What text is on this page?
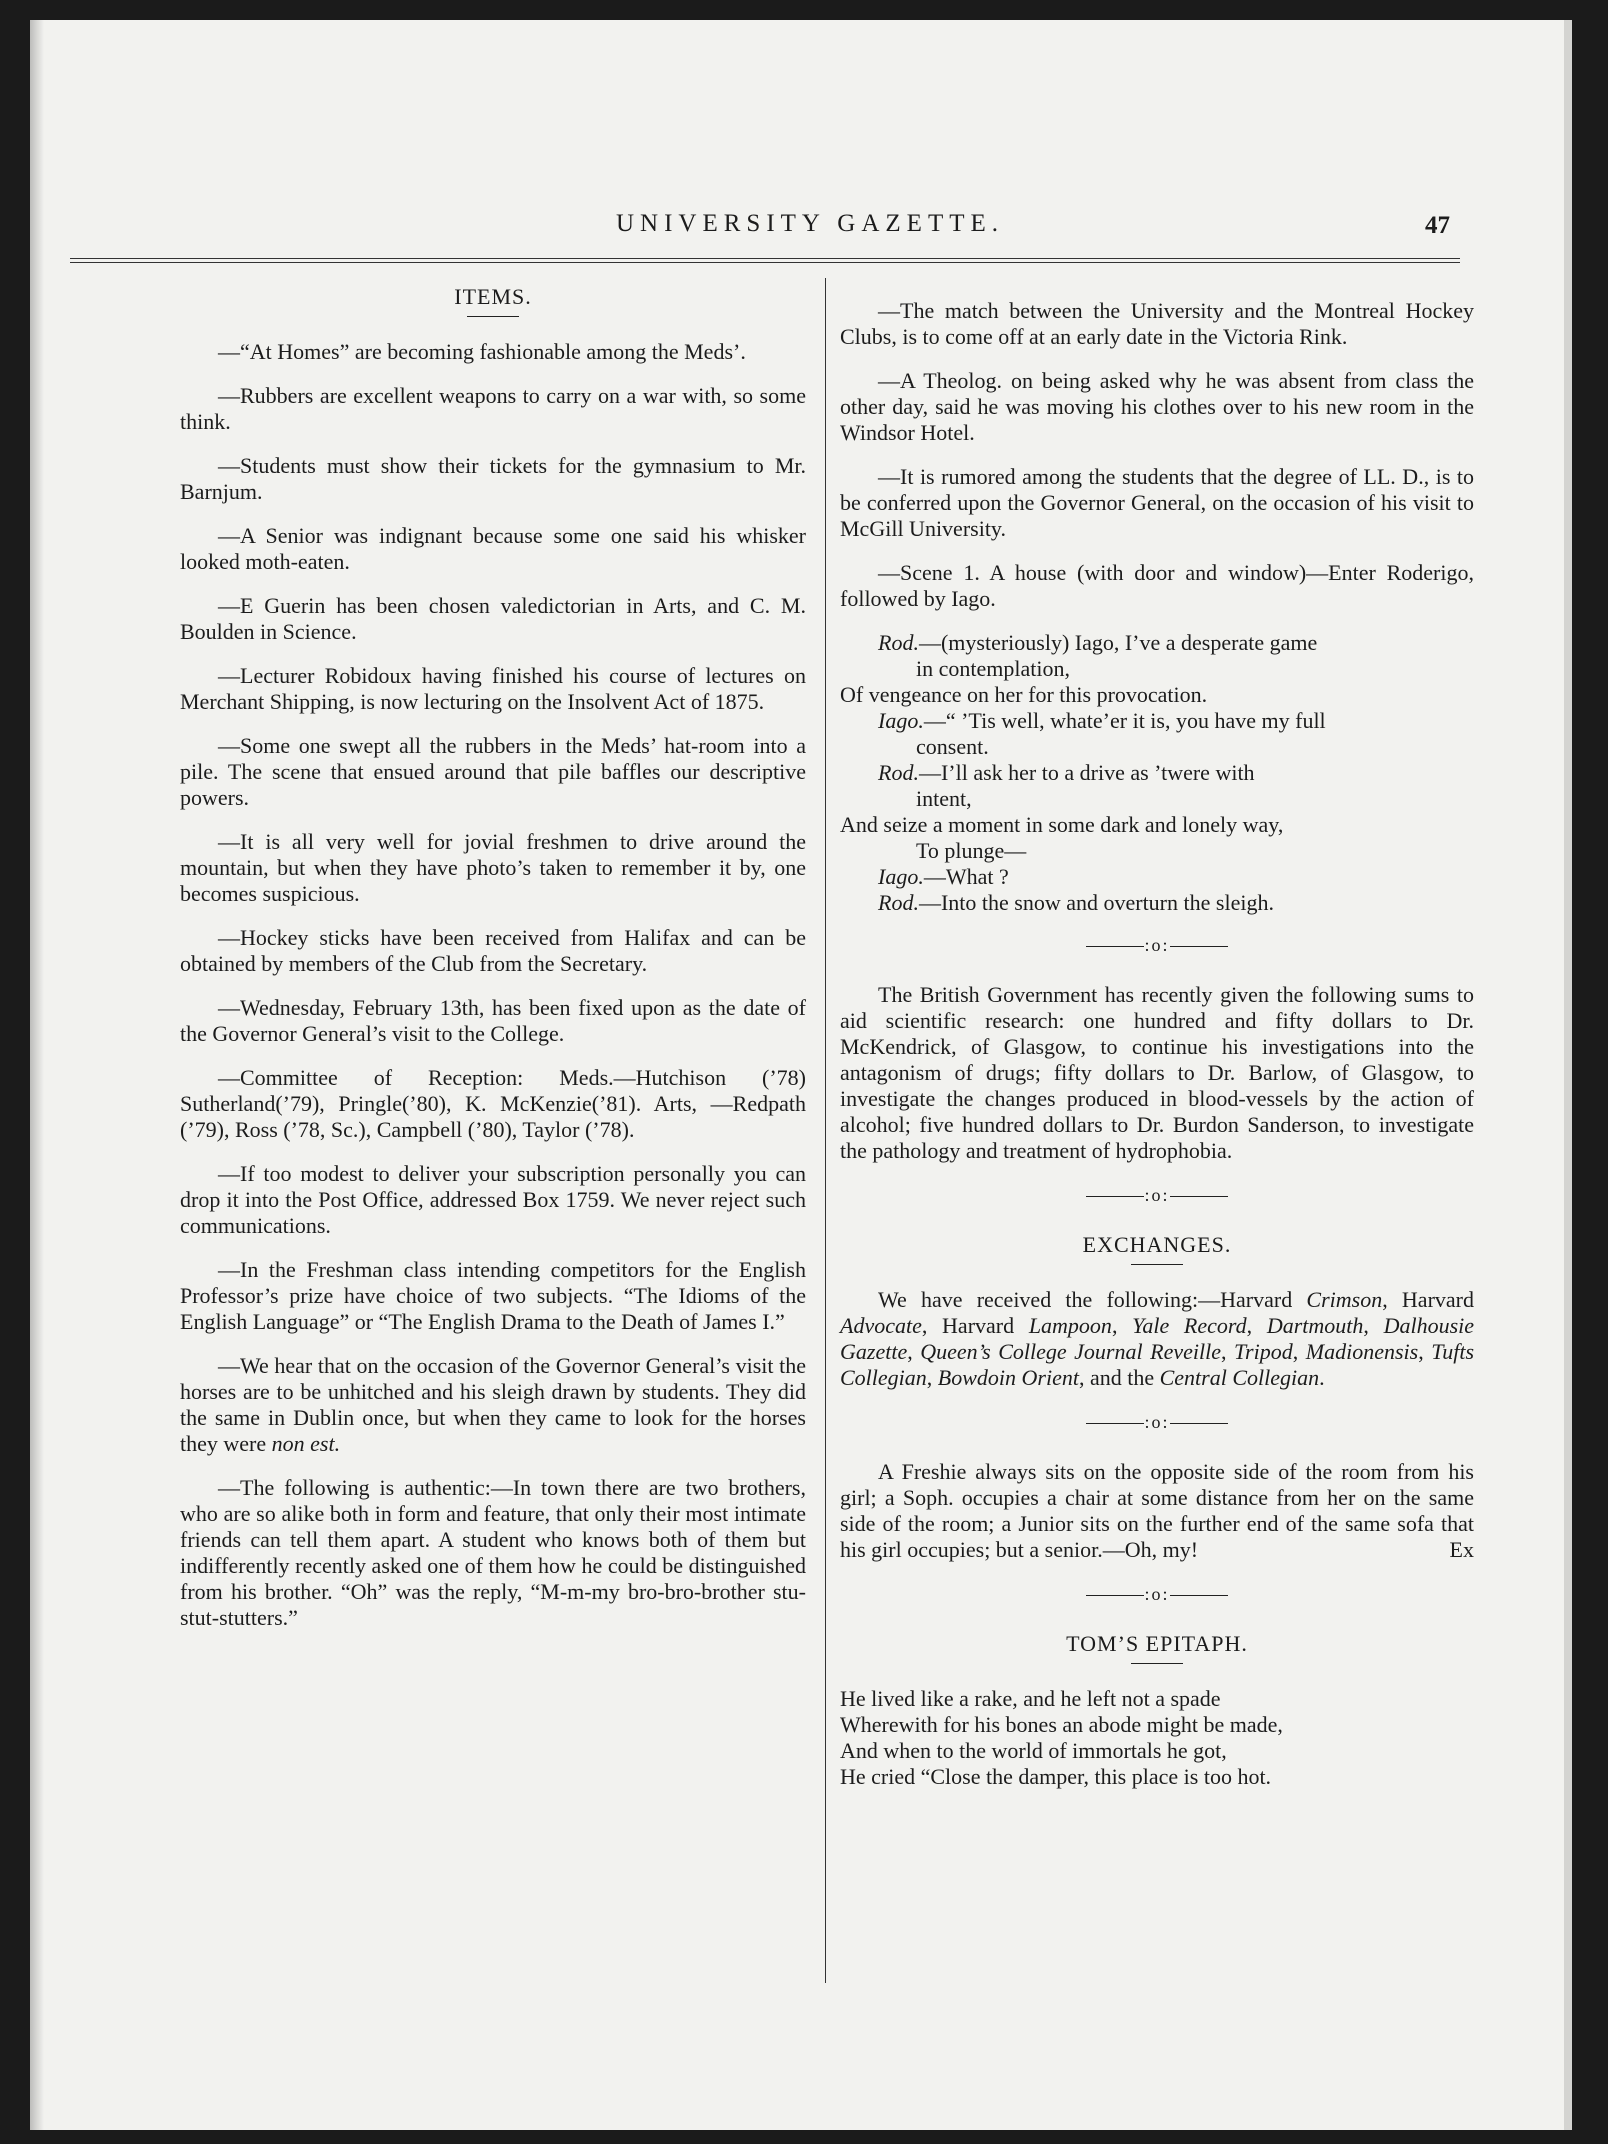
UNIVERSITY GAZETTE.	47
ITEMS.

—“At Homes” are becoming fashionable among the Meds’.

—Rubbers are excellent weapons to carry on a war with, so some think.

—Students must show their tickets for the gymnasium to Mr. Barnjum.

—A Senior was indignant because some one said his whisker looked moth-eaten.

—E Guerin has been chosen valedictorian in Arts, and C. M. Boulden in Science.

—Lecturer Robidoux having finished his course of lectures on Merchant Shipping, is now lecturing on the Insolvent Act of 1875.

—Some one swept all the rubbers in the Meds’ hat-room into a pile. The scene that ensued around that pile baffles our descriptive powers.

—It is all very well for jovial freshmen to drive around the mountain, but when they have photo’s taken to remember it by, one becomes suspicious.

—Hockey sticks have been received from Halifax and can be obtained by members of the Club from the Secretary.

—Wednesday, February 13th, has been fixed upon as the date of the Governor General’s visit to the College.

—Committee of Reception: Meds.—Hutchison (’78) Sutherland(’79), Pringle(’80), K. McKenzie(’81). Arts, —Redpath (’79), Ross (’78, Sc.), Campbell (’80), Taylor (’78).

—If too modest to deliver your subscription personally you can drop it into the Post Office, addressed Box 1759. We never reject such communications.

—In the Freshman class intending competitors for the English Professor’s prize have choice of two subjects. “The Idioms of the English Language” or “The English Drama to the Death of James I.”

—We hear that on the occasion of the Governor General’s visit the horses are to be unhitched and his sleigh drawn by students. They did the same in Dublin once, but when they came to look for the horses they were non est.

—The following is authentic:—In town there are two brothers, who are so alike both in form and feature, that only their most intimate friends can tell them apart. A student who knows both of them but indifferently recently asked one of them how he could be distinguished from his brother. “Oh” was the reply, “M-m-my bro-bro-brother stu-stut-stutters.”

—The match between the University and the Montreal Hockey Clubs, is to come off at an early date in the Victoria Rink.

—A Theolog. on being asked why he was absent from class the other day, said he was moving his clothes over to his new room in the Windsor Hotel.

—It is rumored among the students that the degree of LL. D., is to be conferred upon the Governor General, on the occasion of his visit to McGill University.

—Scene 1. A house (with door and window)—Enter Roderigo, followed by Iago.

Rod.—(mysteriously) Iago, I’ve a desperate game
in contemplation,
Of vengeance on her for this provocation.
Iago.—“ ’Tis well, whate’er it is, you have my full
consent.
Rod.—I’ll ask her to a drive as ’twere with
intent,
And seize a moment in some dark and lonely way,
To plunge—
Iago.—What ?
Rod.—Into the snow and overturn the sleigh.
:o:

The British Government has recently given the following sums to aid scientific research: one hundred and fifty dollars to Dr. McKendrick, of Glasgow, to continue his investigations into the antagonism of drugs; fifty dollars to Dr. Barlow, of Glasgow, to investigate the changes produced in blood-vessels by the action of alcohol; five hundred dollars to Dr. Burdon Sanderson, to investigate the pathology and treatment of hydrophobia.

:o:
EXCHANGES.

We have received the following:—Harvard Crimson, Harvard Advocate, Harvard Lampoon, Yale Record, Dartmouth, Dalhousie Gazette, Queen’s College Journal Reveille, Tripod, Madionensis, Tufts Collegian, Bowdoin Orient, and the Central Collegian.

:o:

A Freshie always sits on the opposite side of the room from his girl; a Soph. occupies a chair at some distance from her on the same side of the room; a Junior sits on the further end of the same sofa that his girl occupies; but a senior.—Oh, my!	Ex

:o:
TOM’S EPITAPH.
He lived like a rake, and he left not a spade
Wherewith for his bones an abode might be made,
And when to the world of immortals he got,
He cried “Close the damper, this place is too hot.
